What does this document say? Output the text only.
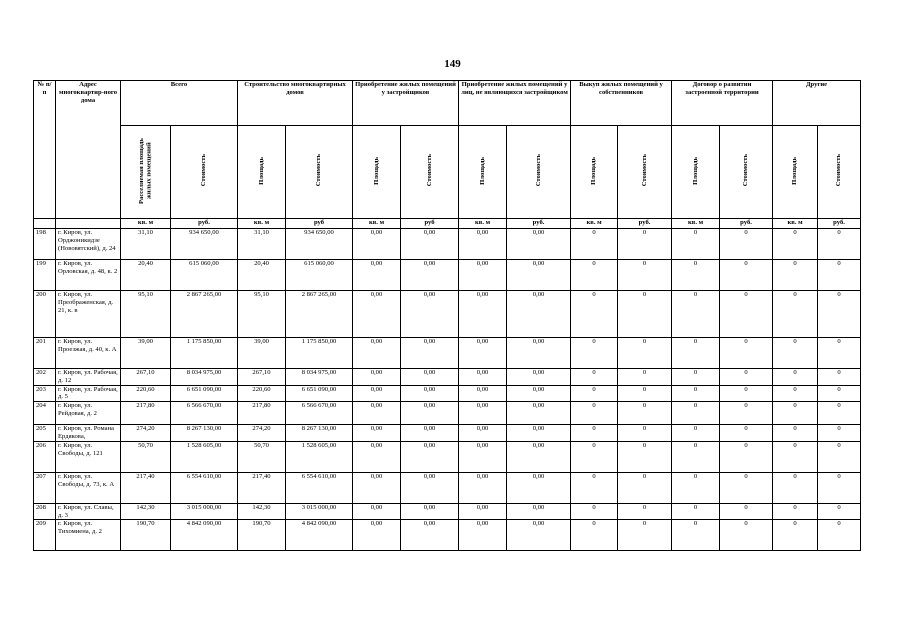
149
№ п/п	Адрес многоквартир-ного дома	Всего		Строительство многоквартирных домов		Приобретение жилых помещений у застройщиков		Приобретение жилых помещений у лиц, не являющихся застройщиком		Выкуп жилых помещений у собственников		Договор о развитии застроенной территории		Другие	
		Расселяемая площадь жилых помещений	Стоимость	Площадь	Стоимость	Площадь	Стоимость	Площадь	Стоимость	Площадь	Стоимость	Площадь	Стоимость	Площадь	Стоимость
		кв. м	руб.	кв. м	руб	кв. м	руб	кв. м	руб.	кв. м	руб.	кв. м	руб.	кв. м	руб.
198	г. Киров, ул. Орджоникидзе (Нововятский), д. 24	31,10	934 650,00	31,10	934 650,00	0,00	0,00	0,00	0,00	0	0	0	0	0	0
199	г. Киров, ул. Орловская, д. 48, к. 2	20,40	615 060,00	20,40	615 060,00	0,00	0,00	0,00	0,00	0	0	0	0	0	0
200	г. Киров, ул. Преображенская, д. 21, к. в	95,10	2 867 265,00	95,10	2 867 265,00	0,00	0,00	0,00	0,00	0	0	0	0	0	0
201	г. Киров, ул. Проезжая, д. 40, к. А	39,00	1 175 850,00	39,00	1 175 850,00	0,00	0,00	0,00	0,00	0	0	0	0	0	0
202	г. Киров, ул. Рабочая, д. 12	267,10	8 034 975,00	267,10	8 034 975,00	0,00	0,00	0,00	0,00	0	0	0	0	0	0
203	г. Киров, ул. Рабочая, д. 5	220,60	6 651 090,00	220,60	6 651 090,00	0,00	0,00	0,00	0,00	0	0	0	0	0	0
204	г. Киров, ул. Рейдовая, д. 2	217,80	6 566 670,00	217,80	6 566 670,00	0,00	0,00	0,00	0,00	0	0	0	0	0	0
205	г. Киров, ул. Романа Ердякова,	274,20	8 267 130,00	274,20	8 267 130,00	0,00	0,00	0,00	0,00	0	0	0	0	0	0
206	г. Киров, ул. Свободы, д. 121	50,70	1 528 605,00	50,70	1 528 605,00	0,00	0,00	0,00	0,00	0	0	0	0	0	0
207	г. Киров, ул. Свободы, д. 73, к. А	217,40	6 554 610,00	217,40	6 554 610,00	0,00	0,00	0,00	0,00	0	0	0	0	0	0
208	г. Киров, ул. Славы, д. 3	142,30	3 015 000,00	142,30	3 015 000,00	0,00	0,00	0,00	0,00	0	0	0	0	0	0
209	г. Киров, ул. Тихомиена, д. 2	190,70	4 842 090,00	190,70	4 842 090,00	0,00	0,00	0,00	0,00	0	0	0	0	0	0
